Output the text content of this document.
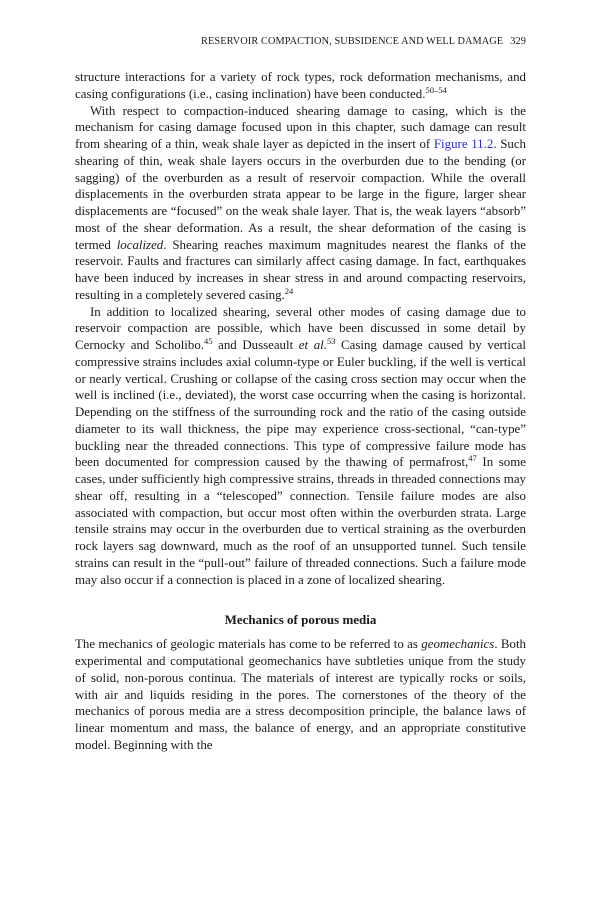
RESERVOIR COMPACTION, SUBSIDENCE AND WELL DAMAGE 329

structure interactions for a variety of rock types, rock deformation mechanisms, and casing configurations (i.e., casing inclination) have been conducted.$^{50-54}$

With respect to compaction-induced shearing damage to casing, which is the mechanism for casing damage focused upon in this chapter, such damage can result from shearing of a thin, weak shale layer as depicted in the insert of Figure 11.2. Such shearing of thin, weak shale layers occurs in the overburden due to the bending (or sagging) of the overburden as a result of reservoir compaction. While the overall displacements in the overburden strata appear to be large in the figure, larger shear displacements are “focused” on the weak shale layer. That is, the weak layers “absorb” most of the shear deformation. As a result, the shear deformation of the casing is termed localized. Shearing reaches maximum magnitudes nearest the flanks of the reservoir. Faults and fractures can similarly affect casing damage. In fact, earthquakes have been induced by increases in shear stress in and around compacting reservoirs, resulting in a completely severed casing.$^{24}$

In addition to localized shearing, several other modes of casing damage due to reservoir compaction are possible, which have been discussed in some detail by Cernocky and Scholibo.$^{45}$ and Dusseault et al.$^{53}$ Casing damage caused by vertical compressive strains includes axial column-type or Euler buckling, if the well is vertical or nearly vertical. Crushing or collapse of the casing cross section may occur when the well is inclined (i.e., deviated), the worst case occurring when the casing is horizontal. Depending on the stiffness of the surrounding rock and the ratio of the casing outside diameter to its wall thickness, the pipe may experience cross-sectional, “can-type” buckling near the threaded connections. This type of compressive failure mode has been documented for compression caused by the thawing of permafrost,$^{47}$ In some cases, under sufficiently high compressive strains, threads in threaded connections may shear off, resulting in a “telescoped” connection. Tensile failure modes are also associated with compaction, but occur most often within the overburden strata. Large tensile strains may occur in the overburden due to vertical straining as the overburden rock layers sag downward, much as the roof of an unsupported tunnel. Such tensile strains can result in the “pull-out” failure of threaded connections. Such a failure mode may also occur if a connection is placed in a zone of localized shearing.

Mechanics of porous media

The mechanics of geologic materials has come to be referred to as geomechanics. Both experimental and computational geomechanics have subtleties unique from the study of solid, non-porous continua. The materials of interest are typically rocks or soils, with air and liquids residing in the pores. The cornerstones of the theory of the mechanics of porous media are a stress decomposition principle, the balance laws of linear momentum and mass, the balance of energy, and an appropriate constitutive model. Beginning with the
